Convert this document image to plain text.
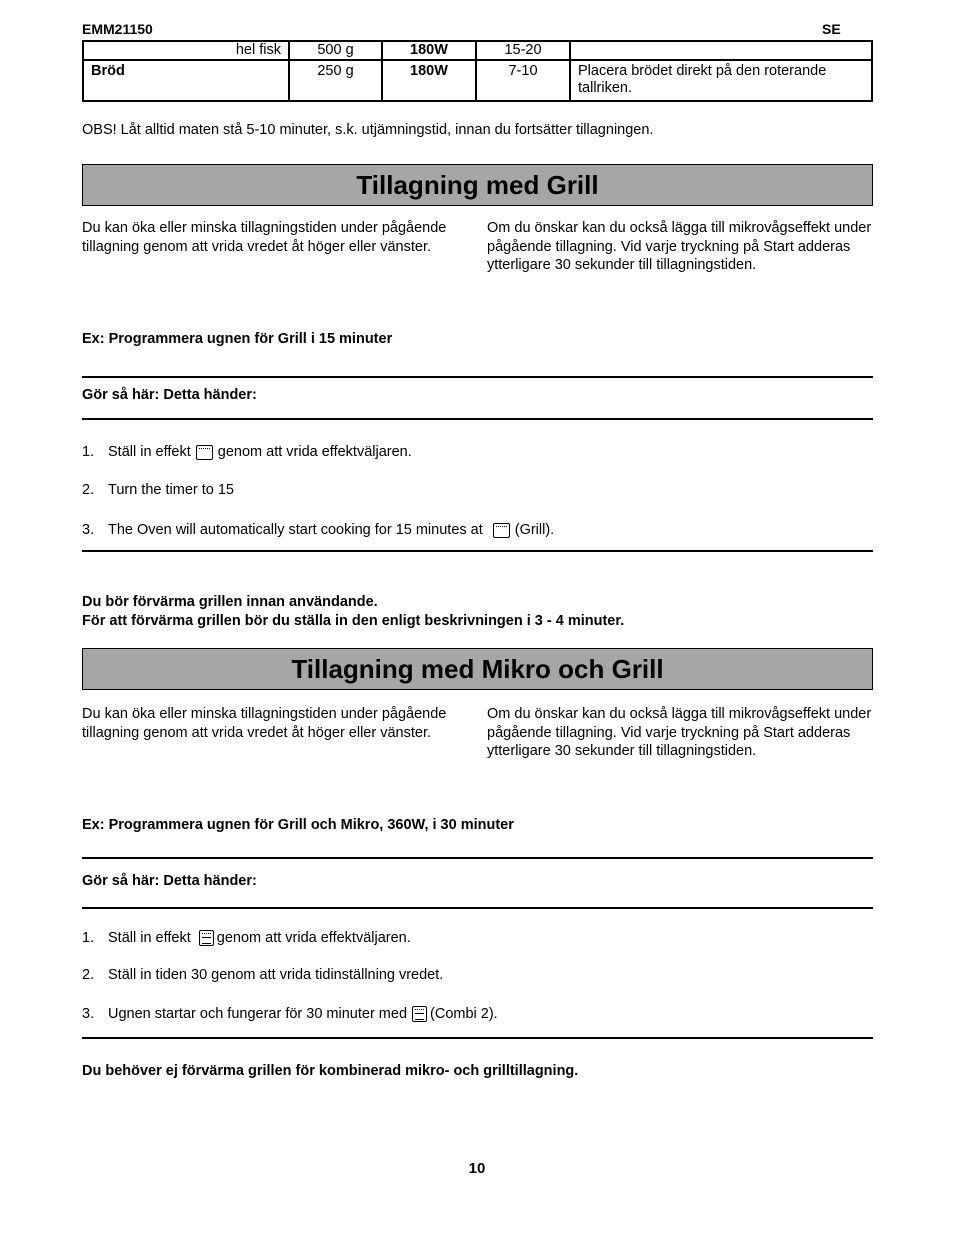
EMM21150	SE
hel fisk	500 g	180W	15-20	
Bröd	250 g	180W	7-10	Placera brödet direkt på den roterande tallriken.
OBS! Låt alltid maten stå 5-10 minuter, s.k. utjämningstid, innan du fortsätter tillagningen.
Tillagning med Grill
Du kan öka eller minska tillagningstiden under pågående tillagning genom att vrida vredet åt höger eller vänster.
Om du önskar kan du också lägga till mikrovågseffekt under pågående tillagning. Vid varje tryckning på Start adderas ytterligare 30 sekunder till tillagningstiden.
Ex: Programmera ugnen för Grill i 15 minuter
Gör så här: Detta händer:
1. Ställ in effekt genom att vrida effektväljaren.
2. Turn the timer to 15
3. The Oven will automatically start cooking for 15 minutes at (Grill).
Du bör förvärma grillen innan användande.
För att förvärma grillen bör du ställa in den enligt beskrivningen i 3 - 4 minuter.
Tillagning med Mikro och Grill
Du kan öka eller minska tillagningstiden under pågående tillagning genom att vrida vredet åt höger eller vänster.
Om du önskar kan du också lägga till mikrovågseffekt under pågående tillagning. Vid varje tryckning på Start adderas ytterligare 30 sekunder till tillagningstiden.
Ex: Programmera ugnen för Grill och Mikro, 360W, i 30 minuter
Gör så här: Detta händer:
1. Ställ in effekt genom att vrida effektväljaren.
2. Ställ in tiden 30 genom att vrida tidinställning vredet.
3. Ugnen startar och fungerar för 30 minuter med (Combi 2).
Du behöver ej förvärma grillen för kombinerad mikro- och grilltillagning.
10
